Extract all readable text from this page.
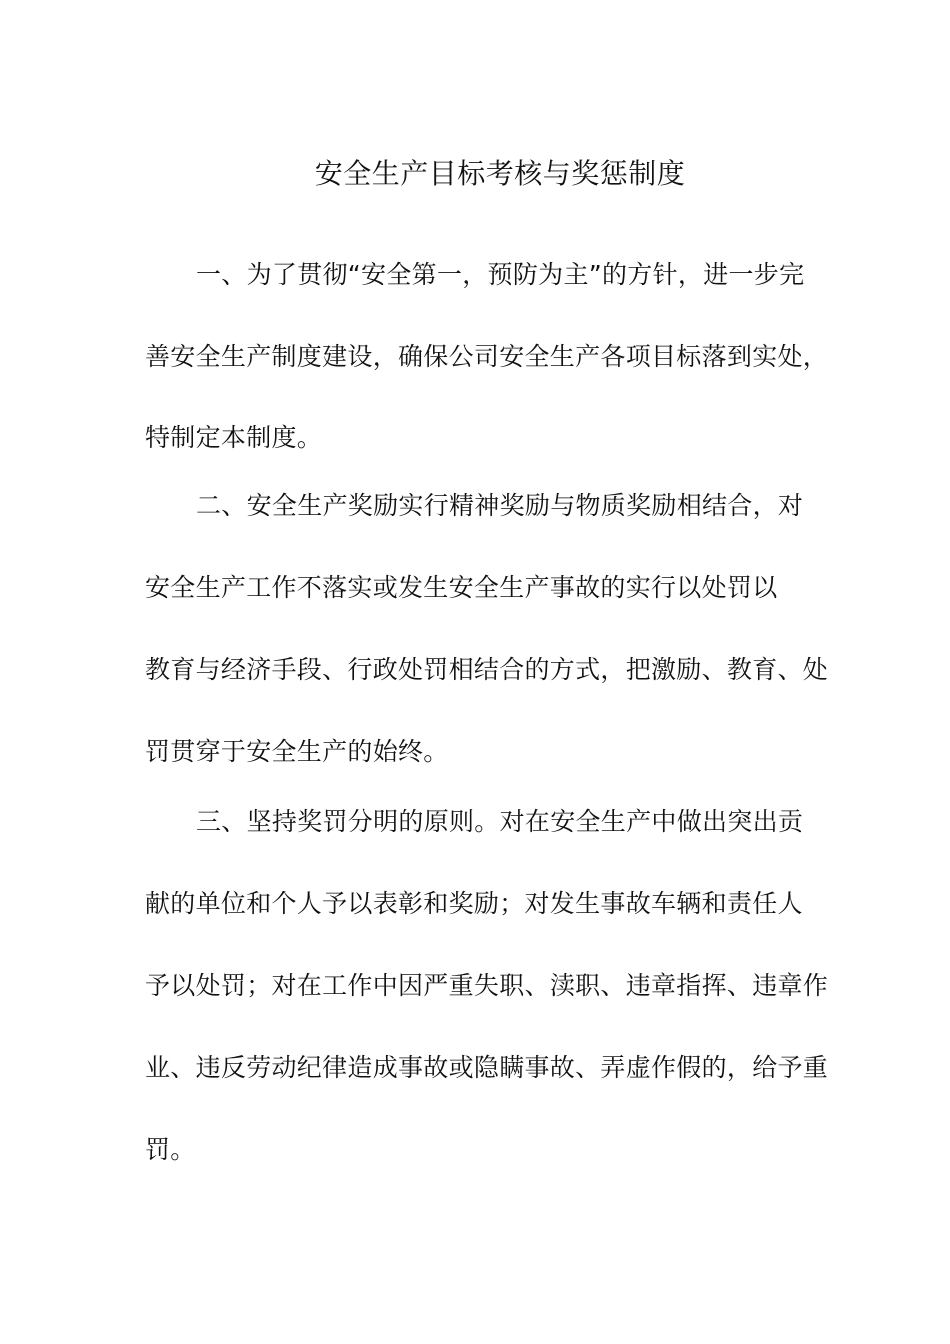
安全生产目标考核与奖惩制度
一、为了贯彻“安全第一，预防为主”的方针，进一步完
善安全生产制度建设，确保公司安全生产各项目标落到实处，
特制定本制度。
二、安全生产奖励实行精神奖励与物质奖励相结合，对
安全生产工作不落实或发生安全生产事故的实行以处罚以
教育与经济手段、行政处罚相结合的方式，把激励、教育、处
罚贯穿于安全生产的始终。
三、坚持奖罚分明的原则。对在安全生产中做出突出贡
献的单位和个人予以表彰和奖励；对发生事故车辆和责任人
予以处罚；对在工作中因严重失职、渎职、违章指挥、违章作
业、违反劳动纪律造成事故或隐瞒事故、弄虚作假的，给予重
罚。
